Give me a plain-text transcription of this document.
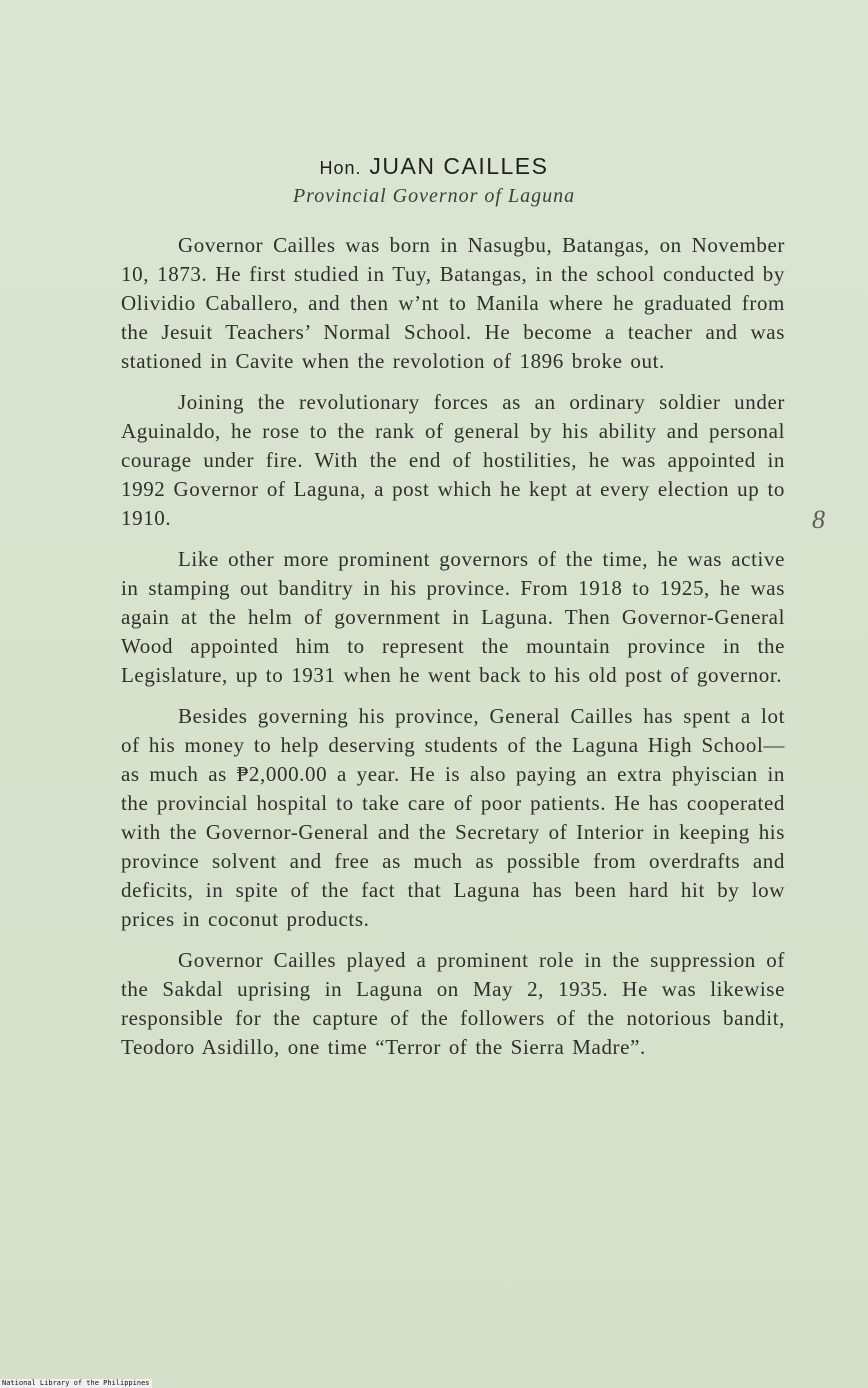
Hon. JUAN CAILLES
Provincial Governor of Laguna

Governor Cailles was born in Nasugbu, Batangas, on November 10, 1873. He first studied in Tuy, Batangas, in the school conducted by Olividio Caballero, and then w’nt to Manila where he graduated from the Jesuit Teachers’ Normal School. He become a teacher and was stationed in Cavite when the revolotion of 1896 broke out.

Joining the revolutionary forces as an ordinary soldier under Aguinaldo, he rose to the rank of general by his ability and personal courage under fire. With the end of hostilities, he was appointed in 1992 Governor of Laguna, a post which he kept at every election up to 1910.

Like other more prominent governors of the time, he was active in stamping out banditry in his province. From 1918 to 1925, he was again at the helm of government in Laguna. Then Governor-General Wood appointed him to represent the mountain province in the Legislature, up to 1931 when he went back to his old post of governor.

Besides governing his province, General Cailles has spent a lot of his money to help deserving students of the Laguna High School—as much as ₱2,000.00 a year. He is also paying an extra phyiscian in the provincial hospital to take care of poor patients. He has cooperated with the Governor-General and the Secretary of Interior in keeping his province solvent and free as much as possible from overdrafts and deficits, in spite of the fact that Laguna has been hard hit by low prices in coconut products.

Governor Cailles played a prominent role in the suppression of the Sakdal uprising in Laguna on May 2, 1935. He was likewise responsible for the capture of the followers of the notorious bandit, Teodoro Asidillo, one time “Terror of the Sierra Madre”.

8
National Library of the Philippines
